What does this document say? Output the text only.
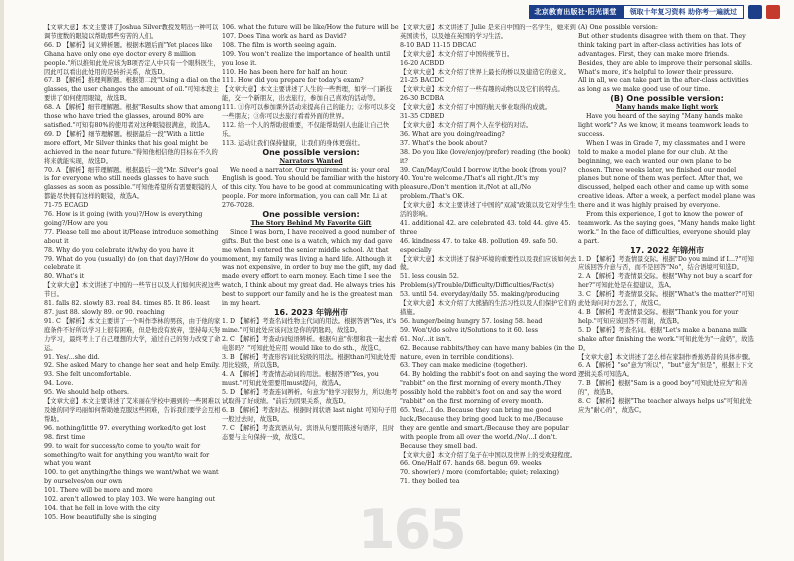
北京教育出版社·阳光课堂	领取十年复习资料 助你考一遍就过

【文章大意】本文主要讲了Joshua Silver教授发明出一种可以调节度数的眼镜以帮助那些穷苦的人们。

66. D 【解析】词义辨析题。根据本题后面"Yet places like Ghana have only one eye doctor every 8 million people."所以推知此处应该为B项否定人中只有一个眼科医生，因此可以看出此处用的是转折关系，故选D。

67. B 【解析】推理判断题。根据第二段"Using a dial on the glasses, the user changes the amount of oil."可知本段主要讲了如何使用眼镜，故选B。

68. A 【解析】细节理解题。根据"Results show that among those who have tried the glasses, around 80% are satisfied."可知有80%的使用者对这种眼镜很满意，故选A。

69. D 【解析】细节理解题。根据最后一段"With a little more effort, Mr Silver thinks that his goal might be achieved in the near future."得知他相信他的目标在不久的将来就能实现，故选D。

70. A 【解析】细节理解题。根据最后一段"Mr. Silver's goal is for everyone who still needs glasses to have such glasses as soon as possible."可知他希望所有需要眼镜的人都能尽快拥有这样的眼镜，故选A。

71-75 ECAGD

76. How is it going (with you)?/How is everything going?/How are you

77. Please tell me about it/Please introduce something about it

78. Why do you celebrate it/why do you have it

79. What do you (usually) do (on that day)?/How do you celebrate it

80. What's it

【文章大意】本文讲述了中国的一些节日以及人们如何庆祝这些节日。

81. falls 82. slowly 83. real 84. times 85. It 86. least

87. just 88. slowly 89. or 90. reaching

91. C 【解析】本文主要讲了一个叫作李林的男孩，由于他的家庭条件不好所以学习上很有困难，但是他没有放弃，坚持每天努力学习，最终考上了自己理想的大学，通过自己的努力改变了命运。

91. Yes/...she did.

92. She asked Mary to change her seat and help Emily.

93. She felt uncomfortable.

94. Love.

95. We should help others.

【文章大意】本文主要讲述了艾米丽在学校中遇到的一些困难以及她的同学玛丽如何帮助她克服这些困难，告诉我们要学会互相帮助。

96. nothing/little 97. everything worked/to get lost

98. first time

99. to wait for success/to come to you/to wait for something/to wait for anything you want/to wait for what you want

100. to get anything/the things we want/what we want by ourselves/on our own

101. There will be more and more

102. aren't allowed to play 103. We were hanging out

104. that he fell in love with the city

105. How beautifully she is singing

106. what the future will be like/How the future will be

107. Does Tina work as hard as David?

108. The film is worth seeing again.

109. You won't realize the importance of health until you lose it.

110. He has been here for half an hour.

111. How did you prepare for today's exam?

【文章大意】本文主要讲述了人生的一些哲理，如学一门新技能，交一个新朋友，出去旅行，参加自己喜欢的活动等。

111. ①你可以参加课外活动来提高自己的能力；②你可以多交一些朋友；③你可以去旅行看看外面的世界。

112. 给一个人的帮助很重要，不仅能帮助别人也能让自己快乐。

113. 运动让我们保持健康，让我们的身体更强壮。

One possible version:

Narrators Wanted

We need a narrator. Our requirement is: your oral English is good. You should be familiar with the history of this city. You have to be good at communicating with people. For more information, you can call Mr. Li at 276-7028.

One possible version:

The Story Behind My Favorite Gift

Since I was born, I have received a good number of gifts. But the best one is a watch, which my dad gave me when I entered the senior middle school. At that moment, my family was living a hard life. Although it was not expensive, in order to buy me the gift, my dad made every effort to earn money. Each time I see the watch, I think about my great dad. He always tries his best to support our family and he is the greatest man in my heart.

16. 2023 年锦州市

1. D 【解析】考查名词性物主代词的用法。根据答语"Yes, it's mine."可知此处应该问这是你的钥匙吗，故选D。

2. C 【解析】考查动词短语辨析。根据句意"你想和我一起去看电影吗？"可知此处应用 would like to do sth.，故选C。

3. B 【解析】考查形容词比较级的用法。根据than可知此处需用比较级，所以选B。

4. A 【解析】考查情态动词的用法。根据答语"Yes, you must."可知此处需要用must提问，故选A。

5. D 【解析】考查连词辨析。句意为"他学习很努力，所以他考试取得了好成绩。"前后为因果关系，故选D。

6. B 【解析】考查时态。根据时间状语 last night 可知句子用一般过去时，故选B。

7. C 【解析】考查宾语从句。宾语从句要用陈述句语序，且时态要与主句保持一致，故选C。

【文章大意】本文讲述了 Julie 是来自中国的一名学生，她来到英国读书，以及她在英国的学习生活。

8-10 BAD 11-15 DBCAC

【文章大意】本文介绍了中国传统节日。

16-20 ACBDD

【文章大意】本文介绍了世界上最长的桥以及建造它的意义。

21-25 BACDC

【文章大意】本文介绍了一些有趣的动物以及它们的特点。

26-30 BCDBA

【文章大意】本文介绍了中国的航天事业取得的成就。

31-35 CDBED

【文章大意】本文介绍了两个人在学校的对话。

36. What are you doing/reading?

37. What's the book about?

38. Do you like (love/enjoy/prefer) reading (the book) it?

39. Can/May/Could I borrow it/the book (from you)?

40. You're welcome./That's all right./It's my pleasure./Don't mention it./Not at all./No problem./That's OK.

【文章大意】本文主要讲述了中国的"双减"政策以及它对学生生活的影响。

41. additional 42. are celebrated 43. told 44. give 45. three

46. kindness 47. to take 48. pollution 49. safe 50. especially

【文章大意】本文讲述了保护环境的重要性以及我们应该如何去做。

51. less cousin 52. Problem(s)/Trouble/Difficulty/Difficulties/Fact(s)

53. until 54. everyday/daily 55. making/producing

【文章大意】本文介绍了大熊猫的生活习性以及人们保护它们的措施。

56. hunger/being hungry 57. losing 58. head

59. Won't/do solve it/Solutions to it 60. less

61. No/...it isn't.

62. Because rabbits/they can have many babies (in the nature, even in terrible conditions).

63. They can make medicine (together).

64. By holding the rabbit's foot on and saying the word "rabbit" on the first morning of every month./They possibly hold the rabbit's foot on and say the word "rabbit" on the first morning of every month.

65. Yes/...I do. Because they can bring me good luck./Because they bring good luck to me./Because they are gentle and smart./Because they are popular with people from all over the world./No/...I don't. Because they smell bad.

【文章大意】本文介绍了兔子在中国以及世界上的受欢迎程度。

66. One/Half 67. hands 68. begun 69. weeks

70. show(er) / more (comfortable; quiet; relaxing)

71. they boiled tea

(A) One possible version:

But other students disagree with them on that. They think taking part in after-class activities has lots of advantages. First, they can make more friends. Besides, they are able to improve their personal skills. What's more, it's helpful to lower their pressure.

All in all, we can take part in the after-class activities as long as we make good use of our time.

(B) One possible version:

Many hands make light work

Have you heard of the saying "Many hands make light work"? As we know, it means teamwork leads to success.

When I was in Grade 7, my classmates and I were told to make a model plane for our club. At the beginning, we each wanted our own plane to be chosen. Three weeks later, we finished our model planes but none of them was perfect. After that, we discussed, helped each other and came up with some creative ideas. After a week, a perfect model plane was there and it was highly praised by everyone.

From this experience, I got to know the power of teamwork. As the saying goes, "Many hands make light work." In the face of difficulties, everyone should play a part.

17. 2022 年锦州市

1. D 【解析】考查情景交际。根据"Do you mind if I...?"可知应该回答介意与否，而不是回答"No"，结合语境可知选D。

2. A 【解析】考查情景交际。根据"Why not buy a scarf for her?"可知此处是在提建议，选A。

3. C 【解析】考查情景交际。根据"What's the matter?"可知此处询问对方怎么了，故选C。

4. B 【解析】考查情景交际。根据"Thank you for your help."可知应该回答不用谢，故选B。

5. D 【解析】考查名词。根据"Let's make a banana milk shake after finishing the work."可知此处为"一盒奶"，故选D。

【文章大意】本文讲述了怎么样在家制作香蕉奶昔的具体步骤。

6. A 【解析】"so"意为"所以"，"but"意为"但是"，根据上下文逻辑关系可知选A。

7. B 【解析】根据"Sam is a good boy"可知此处应为"和善的"，故选B。

8. C 【解析】根据"The teacher always helps us"可知此处应为"耐心的"，故选C。

165
